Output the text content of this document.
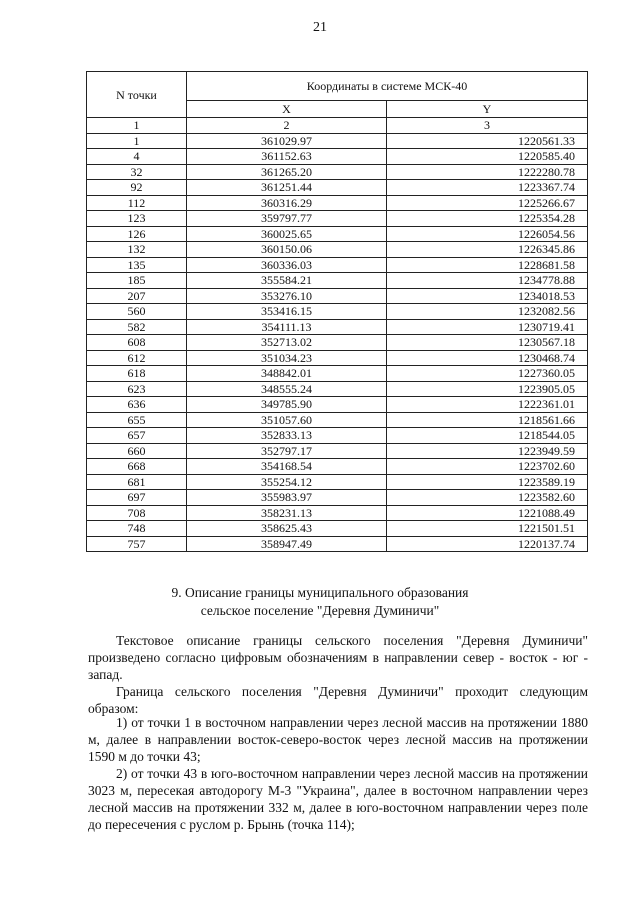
21
N точки	Координаты в системе МСК-40	
	X	Y
1	2	3
1	361029.97	1220561.33
4	361152.63	1220585.40
32	361265.20	1222280.78
92	361251.44	1223367.74
112	360316.29	1225266.67
123	359797.77	1225354.28
126	360025.65	1226054.56
132	360150.06	1226345.86
135	360336.03	1228681.58
185	355584.21	1234778.88
207	353276.10	1234018.53
560	353416.15	1232082.56
582	354111.13	1230719.41
608	352713.02	1230567.18
612	351034.23	1230468.74
618	348842.01	1227360.05
623	348555.24	1223905.05
636	349785.90	1222361.01
655	351057.60	1218561.66
657	352833.13	1218544.05
660	352797.17	1223949.59
668	354168.54	1223702.60
681	355254.12	1223589.19
697	355983.97	1223582.60
708	358231.13	1221088.49
748	358625.43	1221501.51
757	358947.49	1220137.74
9. Описание границы муниципального образования
сельское поселение "Деревня Думиничи"
Текстовое описание границы сельского поселения "Деревня Думиничи" произведено согласно цифровым обозначениям в направлении север - восток - юг - запад.
Граница сельского поселения "Деревня Думиничи" проходит следующим образом:
1) от точки 1 в восточном направлении через лесной массив на протяжении 1880 м, далее в направлении восток-северо-восток через лесной массив на протяжении 1590 м до точки 43;
2) от точки 43 в юго-восточном направлении через лесной массив на протяжении 3023 м, пересекая автодорогу М-3 "Украина", далее в восточном направлении через лесной массив на протяжении 332 м, далее в юго-восточном направлении через поле до пересечения с руслом р. Брынь (точка 114);
